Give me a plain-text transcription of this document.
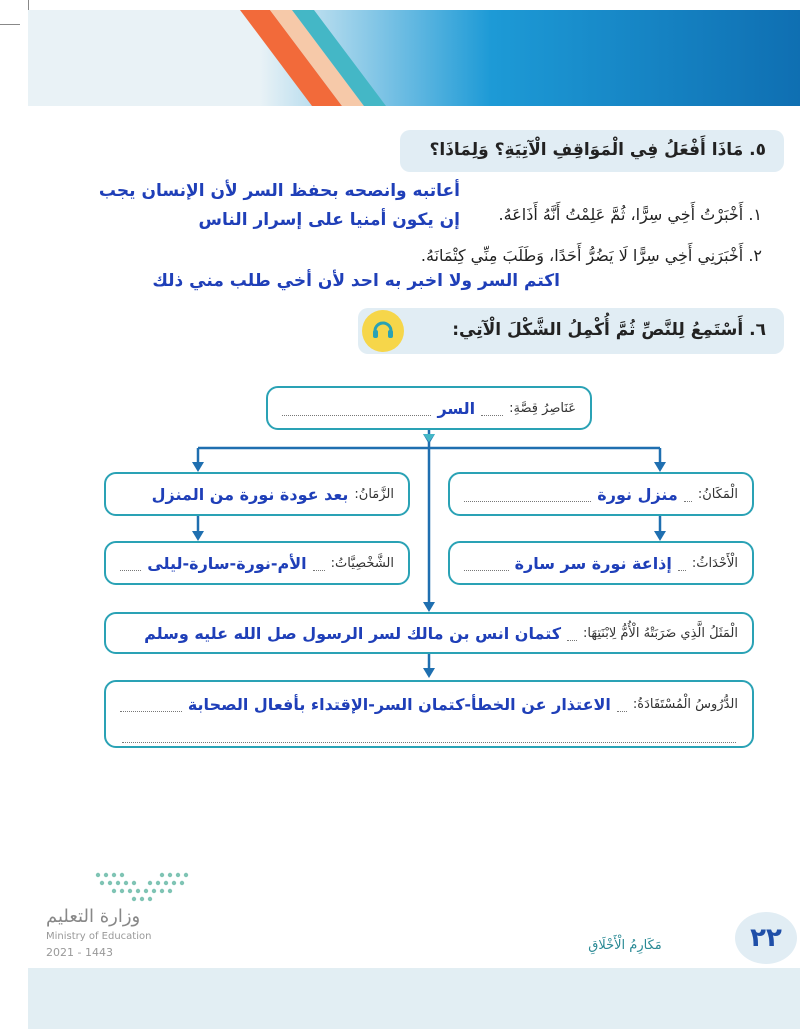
٥. مَاذَا أَفْعَلُ فِي الْمَوَاقِفِ الْآتِيَةِ؟ وَلِمَاذَا؟
١. أَخْبَرْتُ أَخِي سِرًّا، ثُمَّ عَلِمْتُ أَنَّهُ أَذَاعَهُ.
أعاتبه وانصحه بحفظ السر لأن الإنسان يجب
إن يكون أمنيا على إسرار الناس
٢. أَخْبَرَنِي أَخِي سِرًّا لَا يَضُرُّ أَحَدًا، وَطَلَبَ مِنِّي كِتْمَانَهُ.
اكتم السر ولا اخبر به احد لأن أخي طلب مني ذلك
٦. أَسْتَمِعُ لِلنَّصِّ ثُمَّ أُكْمِلُ الشَّكْلَ الْآتِي:
عَنَاصِرُ قِصَّةِ:
السر
الْمَكَانُ:
منزل نورة
الزَّمَانُ:
بعد عودة نورة من المنزل
الْأَحْدَاثُ:
إذاعة نورة سر سارة
الشَّخْصِيَّاتُ:
الأم-نورة-سارة-ليلى
الْمَثَلُ الَّذِي ضَرَبَتْهُ الْأُمُّ لِابْنَتِهَا:
كتمان انس بن مالك لسر الرسول صل الله عليه وسلم
الدُّرُوسُ الْمُسْتَفَادَةُ:
الاعتذار عن الخطأ-كتمان السر-الإقتداء بأفعال الصحابة
وزارة التعليم
Ministry of Education
2021 - 1443	مَكَارِمُ الْأَخْلَاقِ	٢٢
